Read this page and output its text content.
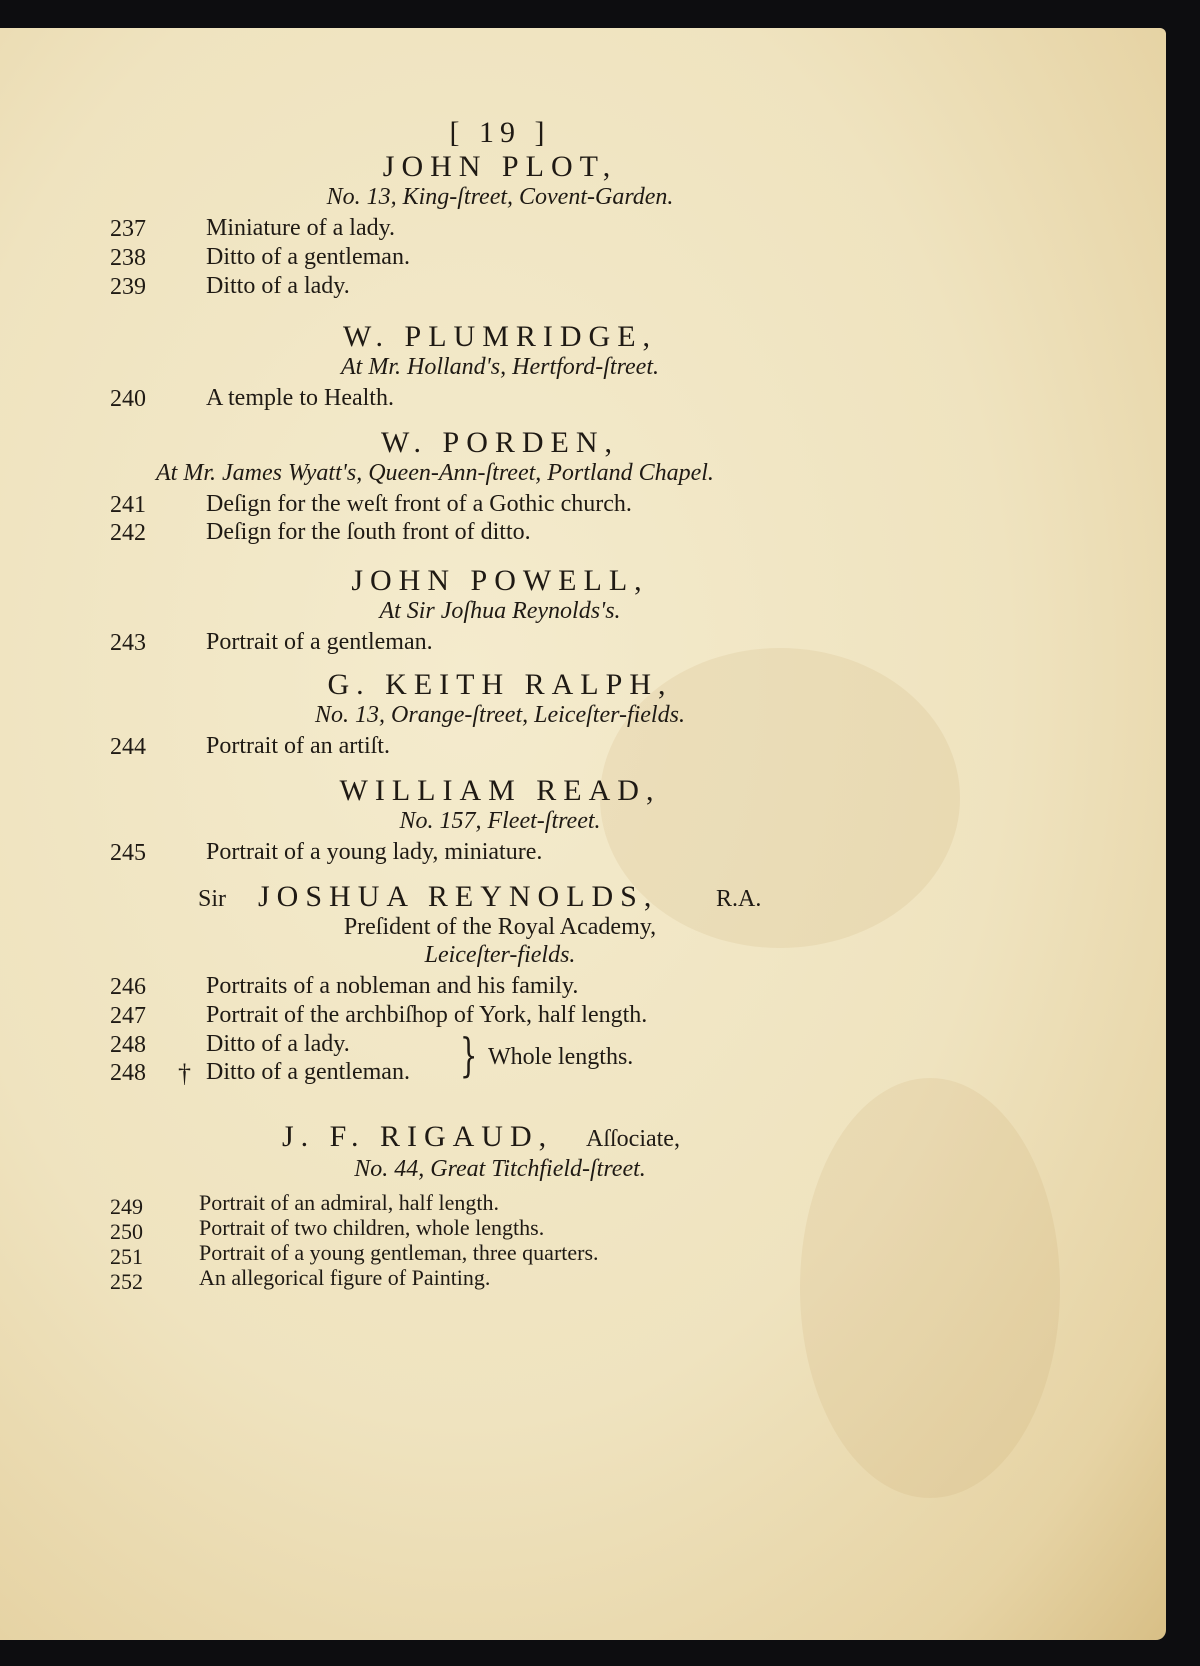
[ 19 ]
JOHN PLOT,
No. 13, King-ſtreet, Covent-Garden.
237	Miniature of a lady.
238	Ditto of a gentleman.
239	Ditto of a lady.
W. PLUMRIDGE,
At Mr. Holland's, Hertford-ſtreet.
240	A temple to Health.
W. PORDEN,
At Mr. James Wyatt's, Queen-Ann-ſtreet, Portland Chapel.
241	Deſign for the weſt front of a Gothic church.
242	Deſign for the ſouth front of ditto.
JOHN POWELL,
At Sir Joſhua Reynolds's.
243	Portrait of a gentleman.
G. KEITH RALPH,
No. 13, Orange-ſtreet, Leiceſter-fields.
244	Portrait of an artiſt.
WILLIAM READ,
No. 157, Fleet-ſtreet.
245	Portrait of a young lady, miniature.
Sir JOSHUA REYNOLDS, R.A.
Preſident of the Royal Academy,
Leiceſter-fields.
246	Portraits of a nobleman and his family.
247	Portrait of the archbiſhop of York, half length.
248	Ditto of a lady.
248	† Ditto of a gentleman. } Whole lengths.
J. F. RIGAUD, Aſſociate,
No. 44, Great Titchfield-ſtreet.
249	Portrait of an admiral, half length.
250	Portrait of two children, whole lengths.
251	Portrait of a young gentleman, three quarters.
252	An allegorical figure of Painting.
